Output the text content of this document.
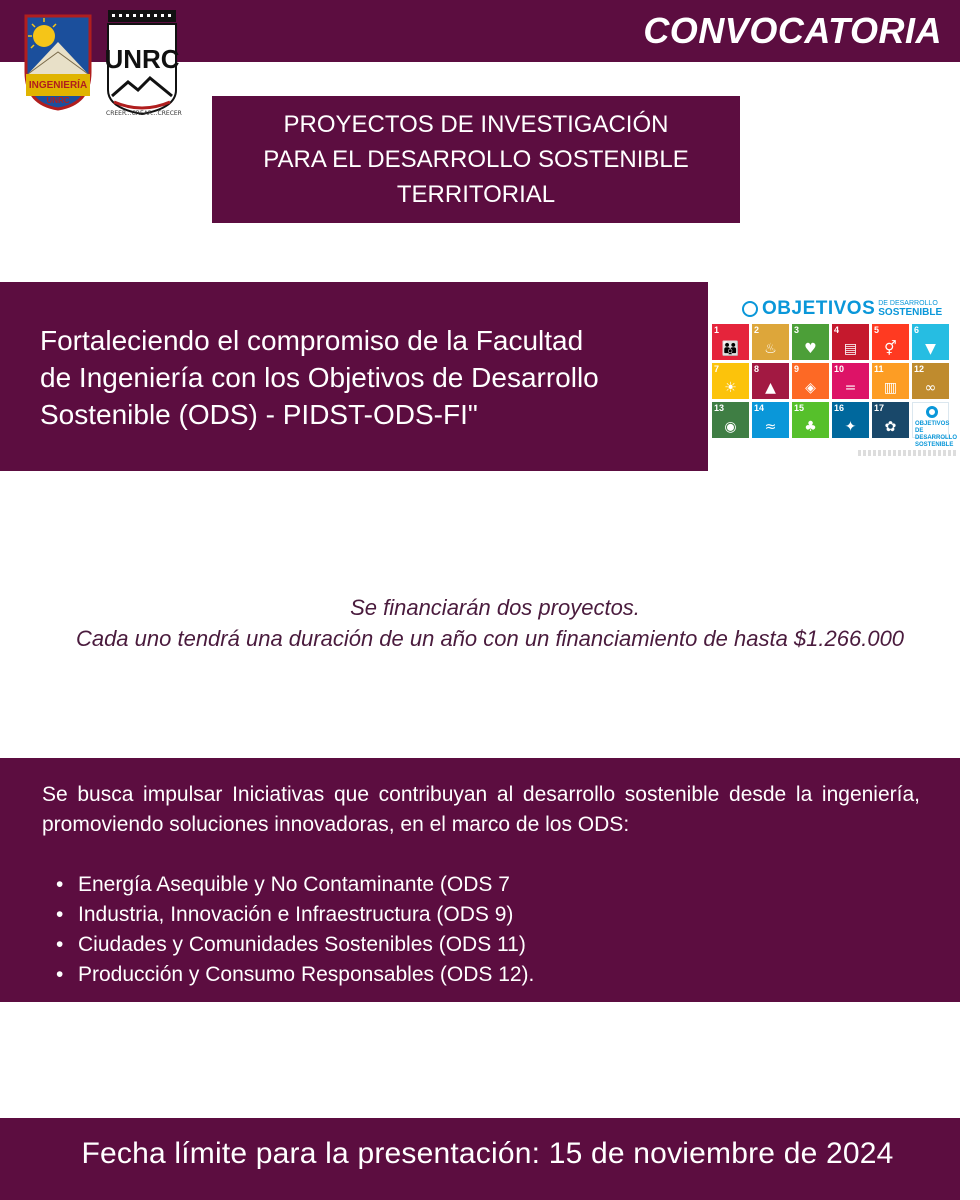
CONVOCATORIA
INGENIERÍA
UNRC
UNRC
CREER...CREAR...CRECER	PROYECTOS DE INVESTIGACIÓN
PARA EL DESARROLLO SOSTENIBLE
TERRITORIAL
Fortaleciendo el compromiso de la Facultad
de Ingeniería con los Objetivos de Desarrollo
Sostenible (ODS) - PIDST-ODS-FI"
OBJETIVOS DE DESARROLLO
SOSTENIBLE
1
👪
2
♨
3
♥
4
▤
5
⚥
6
▼
7
☀
8
▲
9
◈
10
=
11
▥
12
∞
13
◉
14
≈
15
♣
16
✦
17
✿	OBJETIVOS
DE DESARROLLO
SOSTENIBLE
Se financiarán dos proyectos.
Cada uno tendrá una duración de un año con un financiamiento de hasta $1.266.000
Se busca impulsar Iniciativas que contribuyan al desarrollo sostenible desde la ingeniería, promoviendo soluciones innovadoras, en el marco de los ODS:
• Energía Asequible y No Contaminante (ODS 7
• Industria, Innovación e Infraestructura (ODS 9)
• Ciudades y Comunidades Sostenibles (ODS 11)
• Producción y Consumo Responsables (ODS 12).
Fecha límite para la presentación: 15 de noviembre de 2024
